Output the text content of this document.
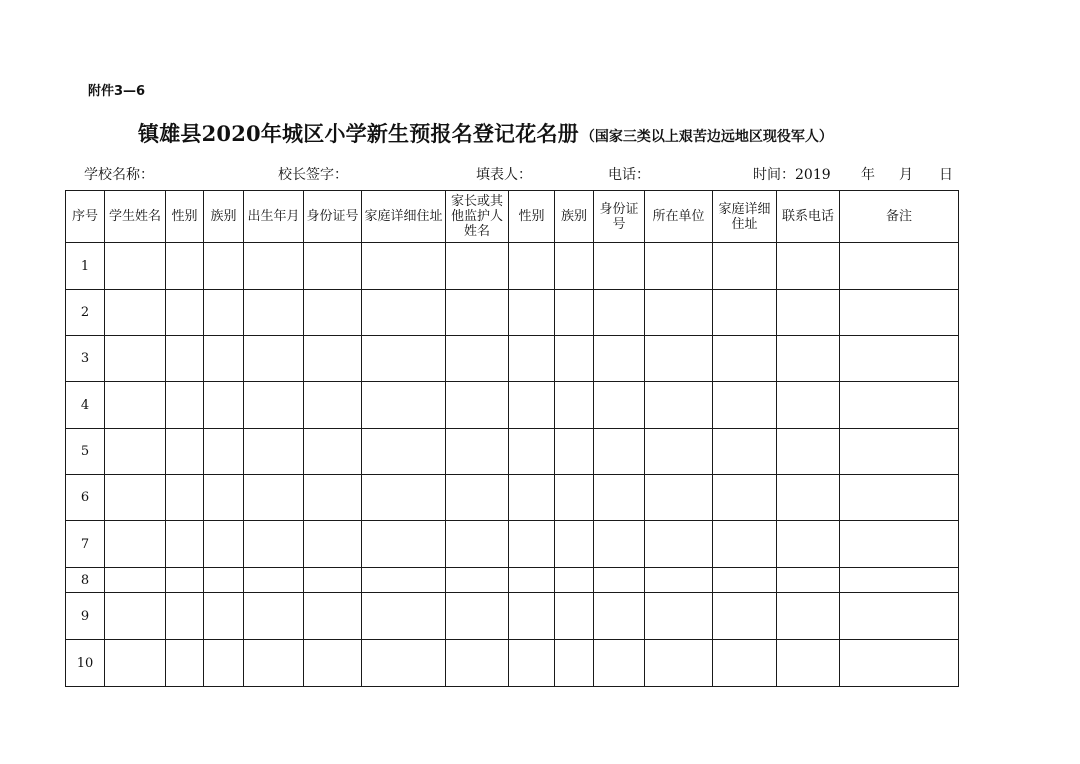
附件3—6
镇雄县2020年城区小学新生预报名登记花名册 （国家三类以上艰苦边远地区现役军人）
学校名称：	校长签字：	填表人：	电话：	时间：2019 年 月 日
序号	学生姓名	性别	族别	出生年月	身份证号	家庭详细住址	家长或其他监护人姓名	性别	族别	身份证号	所在单位	家庭详细住址	联系电话	备注
1														
2														
3														
4														
5														
6														
7														
8														
9														
10														
